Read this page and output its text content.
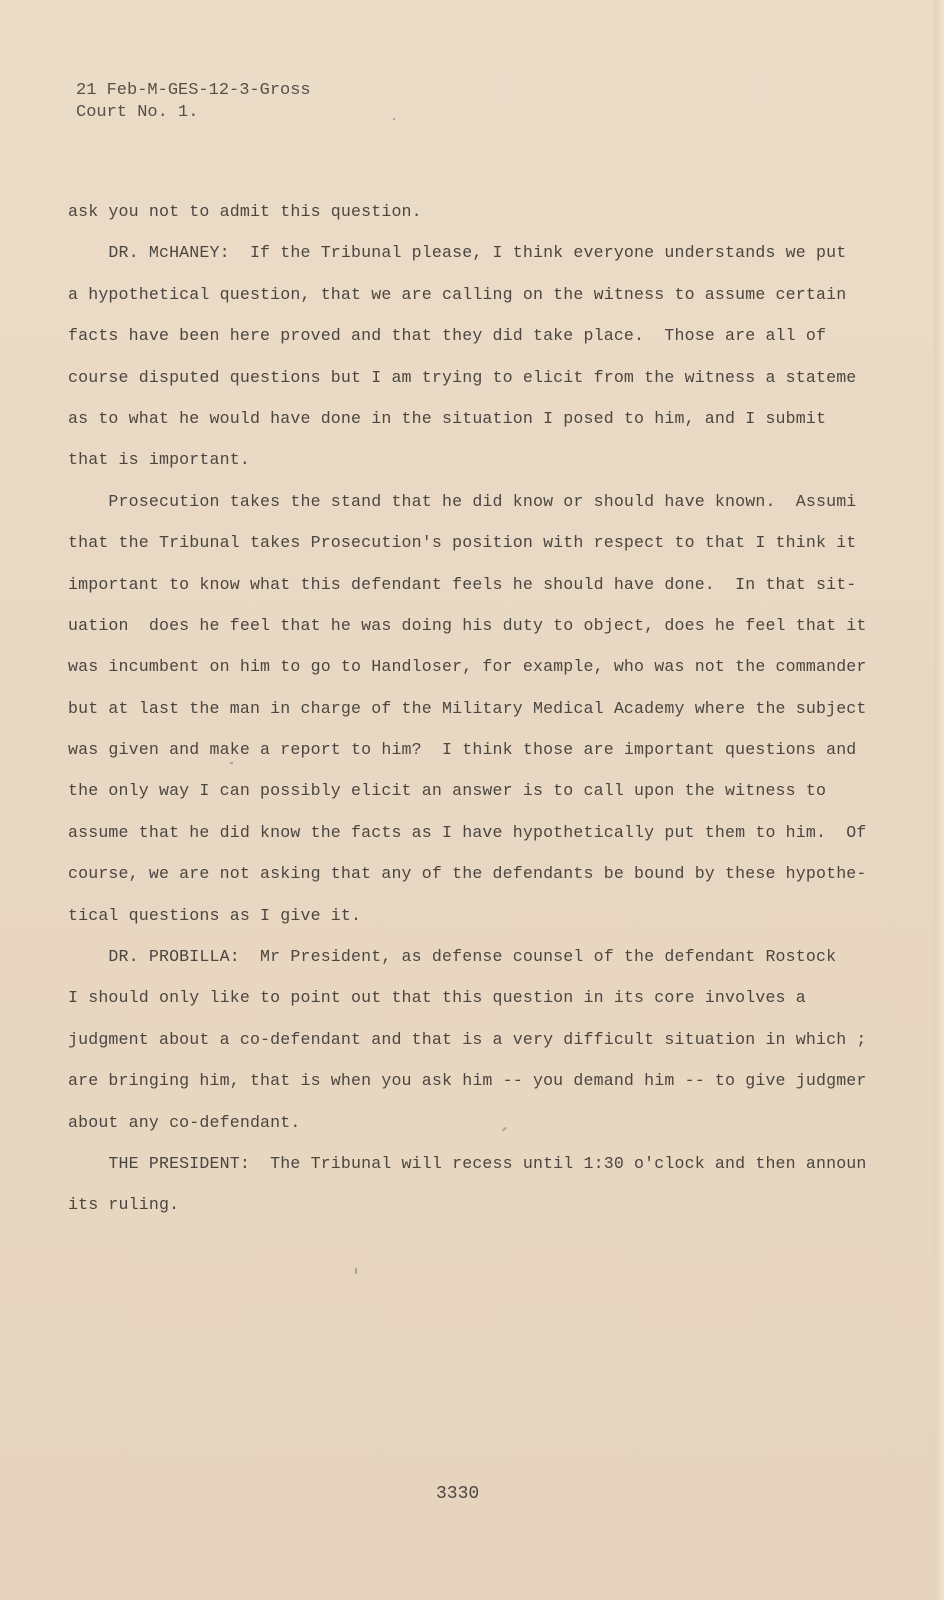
21 Feb-M-GES-12-3-Gross
Court No. 1.
ask you not to admit this question.
DR. McHANEY:  If the Tribunal please, I think everyone understands we put
a hypothetical question, that we are calling on the witness to assume certain
facts have been here proved and that they did take place.  Those are all of
course disputed questions but I am trying to elicit from the witness a stateme
as to what he would have done in the situation I posed to him, and I submit
that is important.
Prosecution takes the stand that he did know or should have known.  Assumi
that the Tribunal takes Prosecution's position with respect to that I think it
important to know what this defendant feels he should have done.  In that sit-
uation  does he feel that he was doing his duty to object, does he feel that it
was incumbent on him to go to Handloser, for example, who was not the commander
but at last the man in charge of the Military Medical Academy where the subject
was given and make a report to him?  I think those are important questions and
the only way I can possibly elicit an answer is to call upon the witness to
assume that he did know the facts as I have hypothetically put them to him.  Of
course, we are not asking that any of the defendants be bound by these hypothe-
tical questions as I give it.
DR. PROBILLA:  Mr President, as defense counsel of the defendant Rostock
I should only like to point out that this question in its core involves a
judgment about a co-defendant and that is a very difficult situation in which ;
are bringing him, that is when you ask him -- you demand him -- to give judgmer
about any co-defendant.
THE PRESIDENT:  The Tribunal will recess until 1:30 o'clock and then announ
its ruling.
3330
